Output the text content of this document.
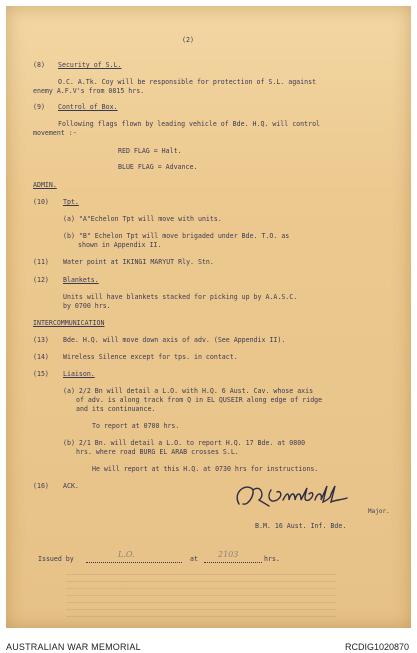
(2)
(8) Security of S.L.
O.C. A.Tk. Coy will be responsible for protection of S.L. against
enemy A.F.V's from 0815 hrs.
(9) Control of Box.
Following flags flown by leading vehicle of Bde. H.Q. will control
movement :-
RED FLAG = Halt.
BLUE FLAG = Advance.
ADMIN.
(10) Tpt.
(a) "A"Echelon Tpt will move with units.
(b) "B" Echelon Tpt will move brigaded under Bde. T.O. as
shown in Appendix II.
(11) Water point at IKINGI MARYUT Rly. Stn.
(12) Blankets.
Units will have blankets stacked for picking up by A.A.S.C.
by 0700 hrs.
INTERCOMMUNICATION
(13) Bde. H.Q. will move down axis of adv. (See Appendix II).
(14) Wireless Silence except for tps. in contact.
(15) Liaison.
(a) 2/2 Bn will detail a L.O. with H.Q. 6 Aust. Cav. whose axis
of adv. is along track from Q in EL QUSEIR along edge of ridge
and its continuance.
To report at 0700 hrs.
(b) 2/1 Bn. will detail a L.O. to report H.Q. 17 Bde. at 0800
hrs. where road BURG EL ARAB crosses S.L.
He will report at this H.Q. at 0730 hrs for instructions.
(16) ACK.
Major.
B.M. 16 Aust. Inf. Bde.
Issued by	L.O.	at	2103	hrs.
AUSTRALIAN WAR MEMORIAL	RCDIG1020870
